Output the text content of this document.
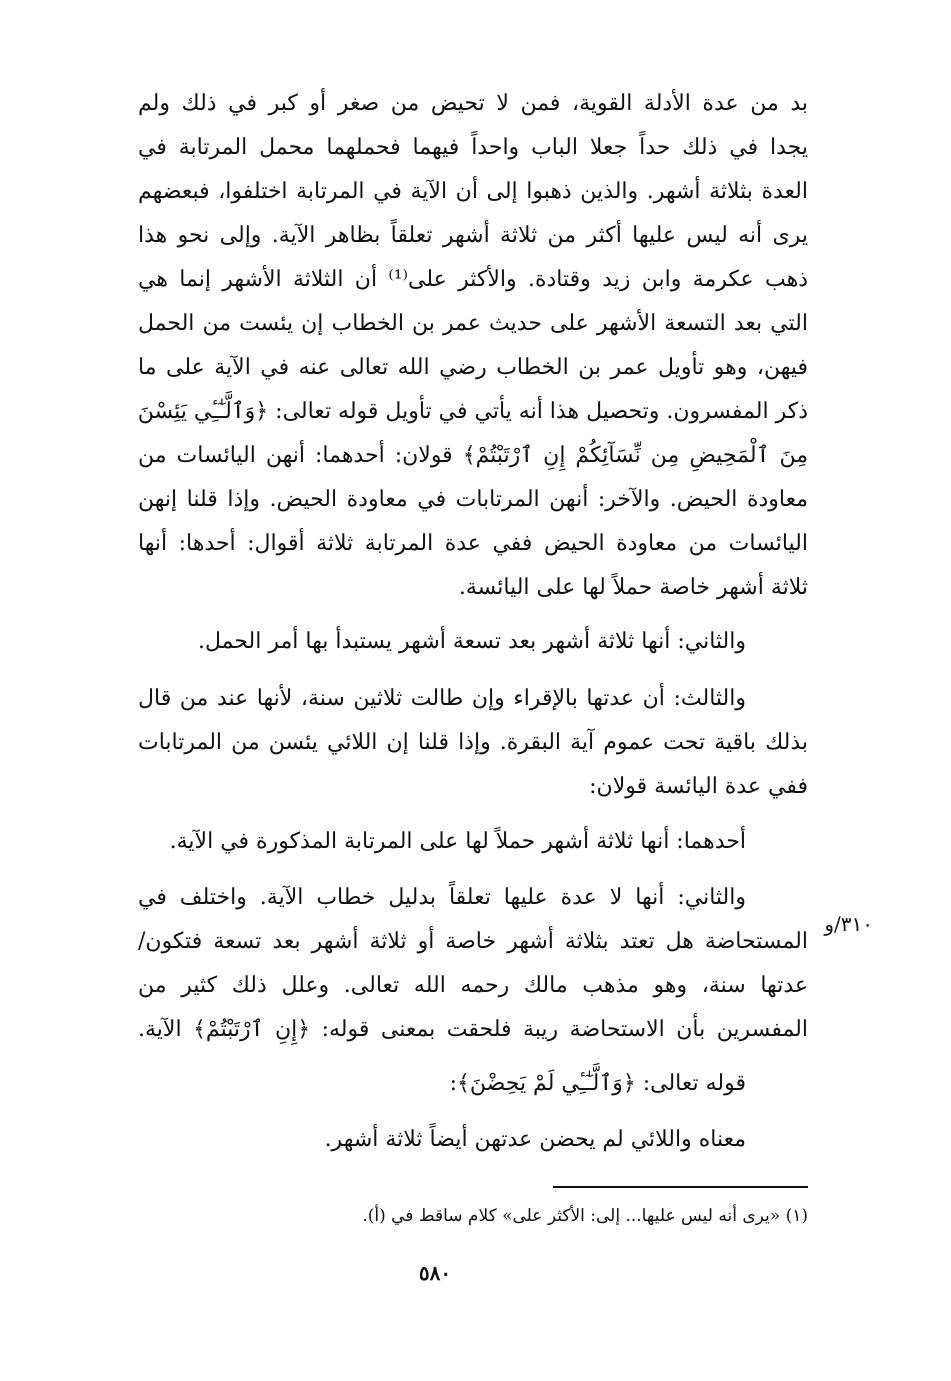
بد من عدة الأدلة القوية، فمن لا تحيض من صغر أو كبر في ذلك ولم
يجدا في ذلك حداً جعلا الباب واحداً فيهما فحملهما محمل المرتابة في
العدة بثلاثة أشهر. والذين ذهبوا إلى أن الآية في المرتابة اختلفوا، فبعضهم
يرى أنه ليس عليها أكثر من ثلاثة أشهر تعلقاً بظاهر الآية. وإلى نحو هذا
ذهب عكرمة وابن زيد وقتادة. والأكثر على⁽¹⁾ أن الثلاثة الأشهر إنما هي
التي بعد التسعة الأشهر على حديث عمر بن الخطاب إن يئست من الحمل
فيهن، وهو تأويل عمر بن الخطاب رضي الله تعالى عنه في الآية على ما
ذكر المفسرون. وتحصيل هذا أنه يأتي في تأويل قوله تعالى: ﴿وَٱلَّـٰٓـِٔي يَئِسْنَ
مِنَ ٱلْمَحِيضِ مِن نِّسَآئِكُمْ إِنِ ٱرْتَبْتُمْ﴾ قولان: أحدهما: أنهن اليائسات من
معاودة الحيض. والآخر: أنهن المرتابات في معاودة الحيض. وإذا قلنا إنهن
اليائسات من معاودة الحيض ففي عدة المرتابة ثلاثة أقوال: أحدها: أنها
ثلاثة أشهر خاصة حملاً لها على اليائسة.
والثاني: أنها ثلاثة أشهر بعد تسعة أشهر يستبدأ بها أمر الحمل.
والثالث: أن عدتها بالإقراء وإن طالت ثلاثين سنة، لأنها عند من قال
بذلك باقية تحت عموم آية البقرة. وإذا قلنا إن اللائي يئسن من المرتابات
ففي عدة اليائسة قولان:
أحدهما: أنها ثلاثة أشهر حملاً لها على المرتابة المذكورة في الآية.
والثاني: أنها لا عدة عليها تعلقاً بدليل خطاب الآية. واختلف في
المستحاضة هل تعتد بثلاثة أشهر خاصة أو ثلاثة أشهر بعد تسعة فتكون/
عدتها سنة، وهو مذهب مالك رحمه الله تعالى. وعلل ذلك كثير من
المفسرين بأن الاستحاضة ريبة فلحقت بمعنى قوله: ﴿إِنِ ٱرْتَبْتُمْ﴾ الآية.
قوله تعالى: ﴿وَٱلَّـٰٓـِٔي لَمْ يَحِضْنَ﴾:
معناه واللائي لم يحضن عدتهن أيضاً ثلاثة أشهر.
٣١٠/و
(١) «يرى أنه ليس عليها... إلى: الأكثر على» كلام ساقط في (أ).
٥٨٠
